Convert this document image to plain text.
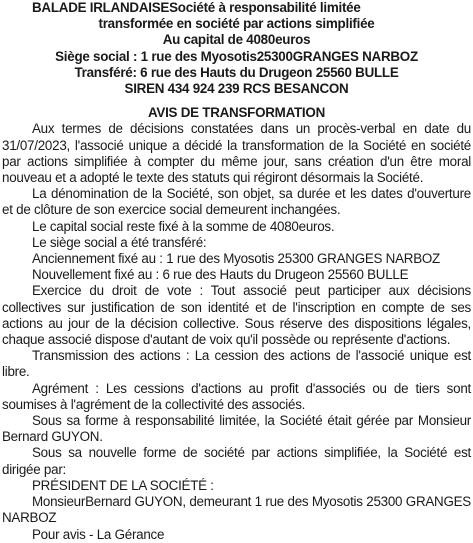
BALADE IRLANDAISESociété à responsabilité limitée
transformée en société par actions simplifiée
Au capital de 4080euros
Siège social : 1 rue des Myosotis25300GRANGES NARBOZ
Transféré: 6 rue des Hauts du Drugeon 25560 BULLE
SIREN 434 924 239 RCS BESANCON
AVIS DE TRANSFORMATION
Aux termes de décisions constatées dans un procès-verbal en date du 31/07/2023, l'associé unique a décidé la transformation de la Société en société par actions simplifiée à compter du même jour, sans création d'un être moral nouveau et a adopté le texte des statuts qui régiront désormais la Société.
La dénomination de la Société, son objet, sa durée et les dates d'ouverture et de clôture de son exercice social demeurent inchangées.
Le capital social reste fixé à la somme de 4080euros.
Le siège social a été transféré:
Anciennement fixé au : 1 rue des Myosotis 25300 GRANGES NARBOZ
Nouvellement fixé au : 6 rue des Hauts du Drugeon 25560 BULLE
Exercice du droit de vote : Tout associé peut participer aux décisions collectives sur justification de son identité et de l'inscription en compte de ses actions au jour de la décision collective. Sous réserve des dispositions légales, chaque associé dispose d'autant de voix qu'il possède ou représente d'actions.
Transmission des actions : La cession des actions de l'associé unique est libre.
Agrément : Les cessions d'actions au profit d'associés ou de tiers sont soumises à l'agrément de la collectivité des associés.
Sous sa forme à responsabilité limitée, la Société était gérée par Monsieur Bernard GUYON.
Sous sa nouvelle forme de société par actions simplifiée, la Société est dirigée par:
PRÉSIDENT DE LA SOCIÉTÉ :
MonsieurBernard GUYON, demeurant 1 rue des Myosotis 25300 GRANGES NARBOZ
Pour avis - La Gérance
